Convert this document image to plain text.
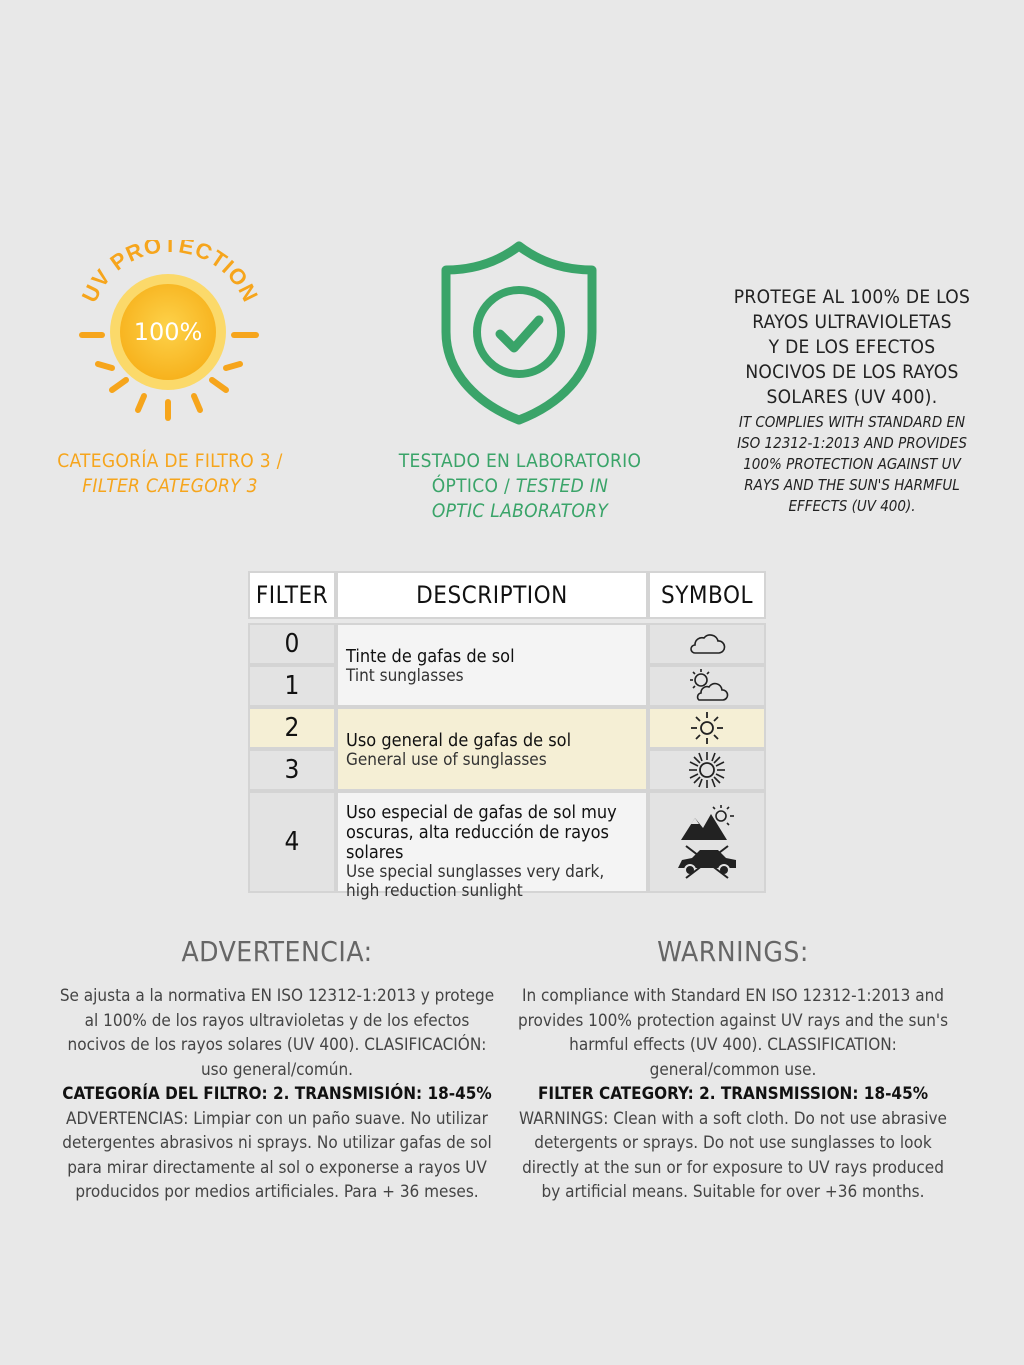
UV PROTECTION
100%
CATEGORÍA DE FILTRO 3 /
FILTER CATEGORY 3
TESTADO EN LABORATORIO
ÓPTICO / TESTED IN
OPTIC LABORATORY
PROTEGE AL 100% DE LOS
RAYOS ULTRAVIOLETAS
Y DE LOS EFECTOS
NOCIVOS DE LOS RAYOS
SOLARES (UV 400).
IT COMPLIES WITH STANDARD EN
ISO 12312-1:2013 AND PROVIDES
100% PROTECTION AGAINST UV
RAYS AND THE SUN'S HARMFUL
EFFECTS (UV 400).
FILTER	DESCRIPTION	SYMBOL
0
1
2
3
4
Tinte de gafas de sol
Tint sunglasses
Uso general de gafas de sol
General use of sunglasses
Uso especial de gafas de sol muy oscuras, alta reducción de rayos solares
Use special sunglasses very dark, high reduction sunlight
ADVERTENCIA:
Se ajusta a la normativa EN ISO 12312-1:2013 y protege al 100% de los rayos ultravioletas y de los efectos nocivos de los rayos solares (UV 400). CLASIFICACIÓN: uso general/común.
CATEGORÍA DEL FILTRO: 2. TRANSMISIÓN: 18-45%
ADVERTENCIAS: Limpiar con un paño suave. No utilizar detergentes abrasivos ni sprays. No utilizar gafas de sol para mirar directamente al sol o exponerse a rayos UV producidos por medios artificiales. Para + 36 meses.
WARNINGS:
In compliance with Standard EN ISO 12312-1:2013 and provides 100% protection against UV rays and the sun's harmful effects (UV 400). CLASSIFICATION: general/common use.
FILTER CATEGORY: 2. TRANSMISSION: 18-45%
WARNINGS: Clean with a soft cloth. Do not use abrasive detergents or sprays. Do not use sunglasses to look directly at the sun or for exposure to UV rays produced by artificial means. Suitable for over +36 months.
